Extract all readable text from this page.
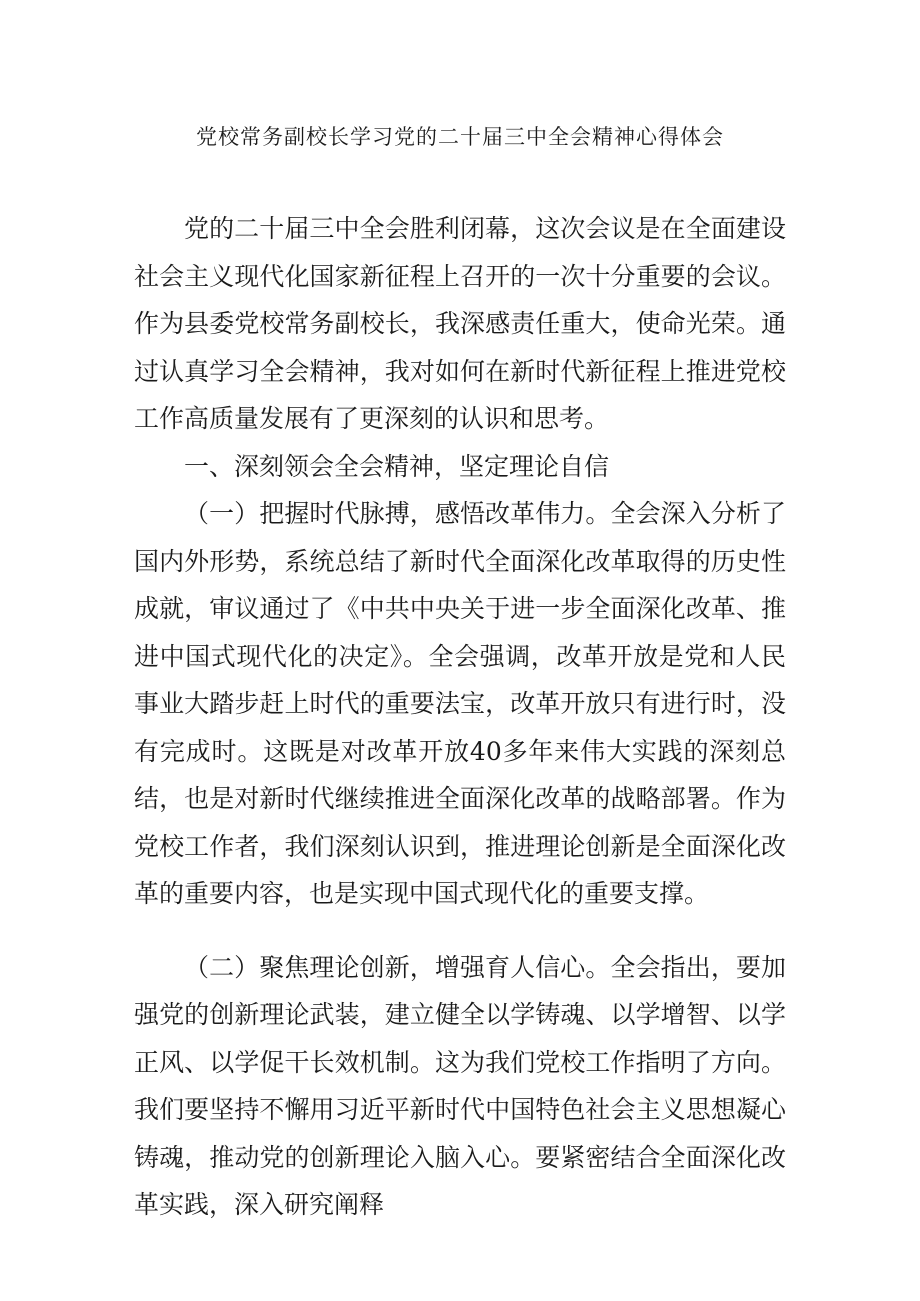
党校常务副校长学习党的二十届三中全会精神心得体会

党的二十届三中全会胜利闭幕，这次会议是在全面建设社会主义现代化国家新征程上召开的一次十分重要的会议。作为县委党校常务副校长，我深感责任重大，使命光荣。通过认真学习全会精神，我对如何在新时代新征程上推进党校工作高质量发展有了更深刻的认识和思考。

一、深刻领会全会精神，坚定理论自信

（一）把握时代脉搏，感悟改革伟力。全会深入分析了国内外形势，系统总结了新时代全面深化改革取得的历史性成就，审议通过了《中共中央关于进一步全面深化改革、推进中国式现代化的决定》。全会强调，改革开放是党和人民事业大踏步赶上时代的重要法宝，改革开放只有进行时，没有完成时。这既是对改革开放40多年来伟大实践的深刻总结，也是对新时代继续推进全面深化改革的战略部署。作为党校工作者，我们深刻认识到，推进理论创新是全面深化改革的重要内容，也是实现中国式现代化的重要支撑。

（二）聚焦理论创新，增强育人信心。全会指出，要加强党的创新理论武装，建立健全以学铸魂、以学增智、以学正风、以学促干长效机制。这为我们党校工作指明了方向。我们要坚持不懈用习近平新时代中国特色社会主义思想凝心铸魂，推动党的创新理论入脑入心。要紧密结合全面深化改革实践，深入研究阐释
